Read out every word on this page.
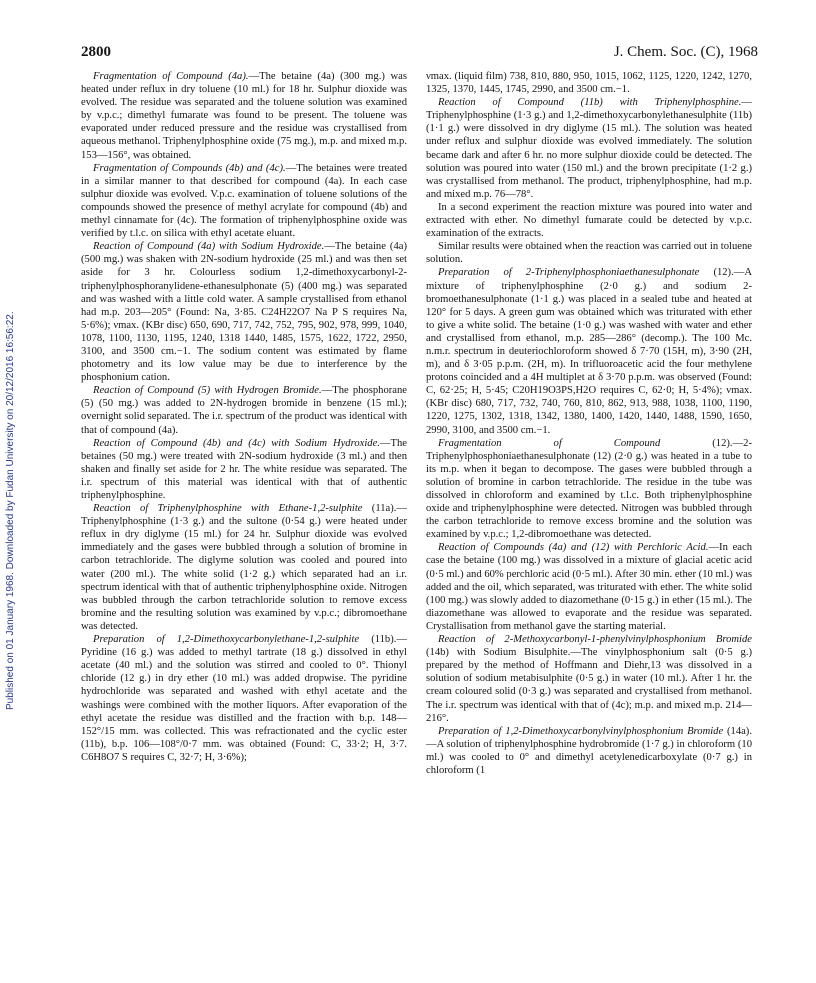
2800	J. Chem. Soc. (C), 1968
Published on 01 January 1968. Downloaded by Fudan University on 20/12/2016 16:56:22.

Fragmentation of Compound (4a).—The betaine (4a) (300 mg.) was heated under reflux in dry toluene (10 ml.) for 18 hr. Sulphur dioxide was evolved. The residue was separated and the toluene solution was examined by v.p.c.; dimethyl fumarate was found to be present. The toluene was evaporated under reduced pressure and the residue was crystallised from aqueous methanol. Triphenylphosphine oxide (75 mg.), m.p. and mixed m.p. 153—156°, was obtained.

Fragmentation of Compounds (4b) and (4c).—The betaines were treated in a similar manner to that described for compound (4a). In each case sulphur dioxide was evolved. V.p.c. examination of toluene solutions of the compounds showed the presence of methyl acrylate for compound (4b) and methyl cinnamate for (4c). The formation of triphenylphosphine oxide was verified by t.l.c. on silica with ethyl acetate eluant.

Reaction of Compound (4a) with Sodium Hydroxide.—The betaine (4a) (500 mg.) was shaken with 2N-sodium hydroxide (25 ml.) and was then set aside for 3 hr. Colourless sodium 1,2-dimethoxycarbonyl-2-triphenylphosphoranylidene-ethanesulphonate (5) (400 mg.) was separated and was washed with a little cold water. A sample crystallised from ethanol had m.p. 203—205° (Found: Na, 3·85. C24H22O7 Na P S requires Na, 5·6%); νmax. (KBr disc) 650, 690, 717, 742, 752, 795, 902, 978, 999, 1040, 1078, 1100, 1130, 1195, 1240, 1318 1440, 1485, 1575, 1622, 1722, 2950, 3100, and 3500 cm.−1. The sodium content was estimated by flame photometry and its low value may be due to interference by the phosphonium cation.

Reaction of Compound (5) with Hydrogen Bromide.—The phosphorane (5) (50 mg.) was added to 2N-hydrogen bromide in benzene (15 ml.); overnight solid separated. The i.r. spectrum of the product was identical with that of compound (4a).

Reaction of Compound (4b) and (4c) with Sodium Hydroxide.—The betaines (50 mg.) were treated with 2N-sodium hydroxide (3 ml.) and then shaken and finally set aside for 2 hr. The white residue was separated. The i.r. spectrum of this material was identical with that of authentic triphenylphosphine.

Reaction of Triphenylphosphine with Ethane-1,2-sulphite (11a).—Triphenylphosphine (1·3 g.) and the sultone (0·54 g.) were heated under reflux in dry diglyme (15 ml.) for 24 hr. Sulphur dioxide was evolved immediately and the gases were bubbled through a solution of bromine in carbon tetrachloride. The diglyme solution was cooled and poured into water (200 ml.). The white solid (1·2 g.) which separated had an i.r. spectrum identical with that of authentic triphenylphosphine oxide. Nitrogen was bubbled through the carbon tetrachloride solution to remove excess bromine and the resulting solution was examined by v.p.c.; dibromoethane was detected.

Preparation of 1,2-Dimethoxycarbonylethane-1,2-sulphite (11b).—Pyridine (16 g.) was added to methyl tartrate (18 g.) dissolved in ethyl acetate (40 ml.) and the solution was stirred and cooled to 0°. Thionyl chloride (12 g.) in dry ether (10 ml.) was added dropwise. The pyridine hydrochloride was separated and washed with ethyl acetate and the washings were combined with the mother liquors. After evaporation of the ethyl acetate the residue was distilled and the fraction with b.p. 148—152°/15 mm. was collected. This was refractionated and the cyclic ester (11b), b.p. 106—108°/0·7 mm. was obtained (Found: C, 33·2; H, 3·7. C6H8O7 S requires C, 32·7; H, 3·6%);

νmax. (liquid film) 738, 810, 880, 950, 1015, 1062, 1125, 1220, 1242, 1270, 1325, 1370, 1445, 1745, 2990, and 3500 cm.−1.

Reaction of Compound (11b) with Triphenylphosphine.—Triphenylphosphine (1·3 g.) and 1,2-dimethoxycarbonylethanesulphite (11b) (1·1 g.) were dissolved in dry diglyme (15 ml.). The solution was heated under reflux and sulphur dioxide was evolved immediately. The solution became dark and after 6 hr. no more sulphur dioxide could be detected. The solution was poured into water (150 ml.) and the brown precipitate (1·2 g.) was crystallised from methanol. The product, triphenylphosphine, had m.p. and mixed m.p. 76—78°.

In a second experiment the reaction mixture was poured into water and extracted with ether. No dimethyl fumarate could be detected by v.p.c. examination of the extracts.

Similar results were obtained when the reaction was carried out in toluene solution.

Preparation of 2-Triphenylphosphoniaethanesulphonate (12).—A mixture of triphenylphosphine (2·0 g.) and sodium 2-bromoethanesulphonate (1·1 g.) was placed in a sealed tube and heated at 120° for 5 days. A green gum was obtained which was triturated with ether to give a white solid. The betaine (1·0 g.) was washed with water and ether and crystallised from ethanol, m.p. 285—286° (decomp.). The 100 Mc. n.m.r. spectrum in deuteriochloroform showed δ 7·70 (15H, m), 3·90 (2H, m), and δ 3·05 p.p.m. (2H, m). In trifluoroacetic acid the four methylene protons coincided and a 4H multiplet at δ 3·70 p.p.m. was observed (Found: C, 62·25; H, 5·45; C20H19O3PS,H2O requires C, 62·0; H, 5·4%); νmax. (KBr disc) 680, 717, 732, 740, 760, 810, 862, 913, 988, 1038, 1100, 1190, 1220, 1275, 1302, 1318, 1342, 1380, 1400, 1420, 1440, 1488, 1590, 1650, 2990, 3100, and 3500 cm.−1.

Fragmentation of Compound (12).—2-Triphenylphosphoniaethanesulphonate (12) (2·0 g.) was heated in a tube to its m.p. when it began to decompose. The gases were bubbled through a solution of bromine in carbon tetrachloride. The residue in the tube was dissolved in chloroform and examined by t.l.c. Both triphenylphosphine oxide and triphenylphosphine were detected. Nitrogen was bubbled through the carbon tetrachloride to remove excess bromine and the solution was examined by v.p.c.; 1,2-dibromoethane was detected.

Reaction of Compounds (4a) and (12) with Perchloric Acid.—In each case the betaine (100 mg.) was dissolved in a mixture of glacial acetic acid (0·5 ml.) and 60% perchloric acid (0·5 ml.). After 30 min. ether (10 ml.) was added and the oil, which separated, was triturated with ether. The white solid (100 mg.) was slowly added to diazomethane (0·15 g.) in ether (15 ml.). The diazomethane was allowed to evaporate and the residue was separated. Crystallisation from methanol gave the starting material.

Reaction of 2-Methoxycarbonyl-1-phenylvinylphosphonium Bromide (14b) with Sodium Bisulphite.—The vinylphosphonium salt (0·5 g.) prepared by the method of Hoffmann and Diehr,13 was dissolved in a solution of sodium metabisulphite (0·5 g.) in water (10 ml.). After 1 hr. the cream coloured solid (0·3 g.) was separated and crystallised from methanol. The i.r. spectrum was identical with that of (4c); m.p. and mixed m.p. 214—216°.

Preparation of 1,2-Dimethoxycarbonylvinylphosphonium Bromide (14a).—A solution of triphenylphosphine hydrobromide (1·7 g.) in chloroform (10 ml.) was cooled to 0° and dimethyl acetylenedicarboxylate (0·7 g.) in chloroform (1
